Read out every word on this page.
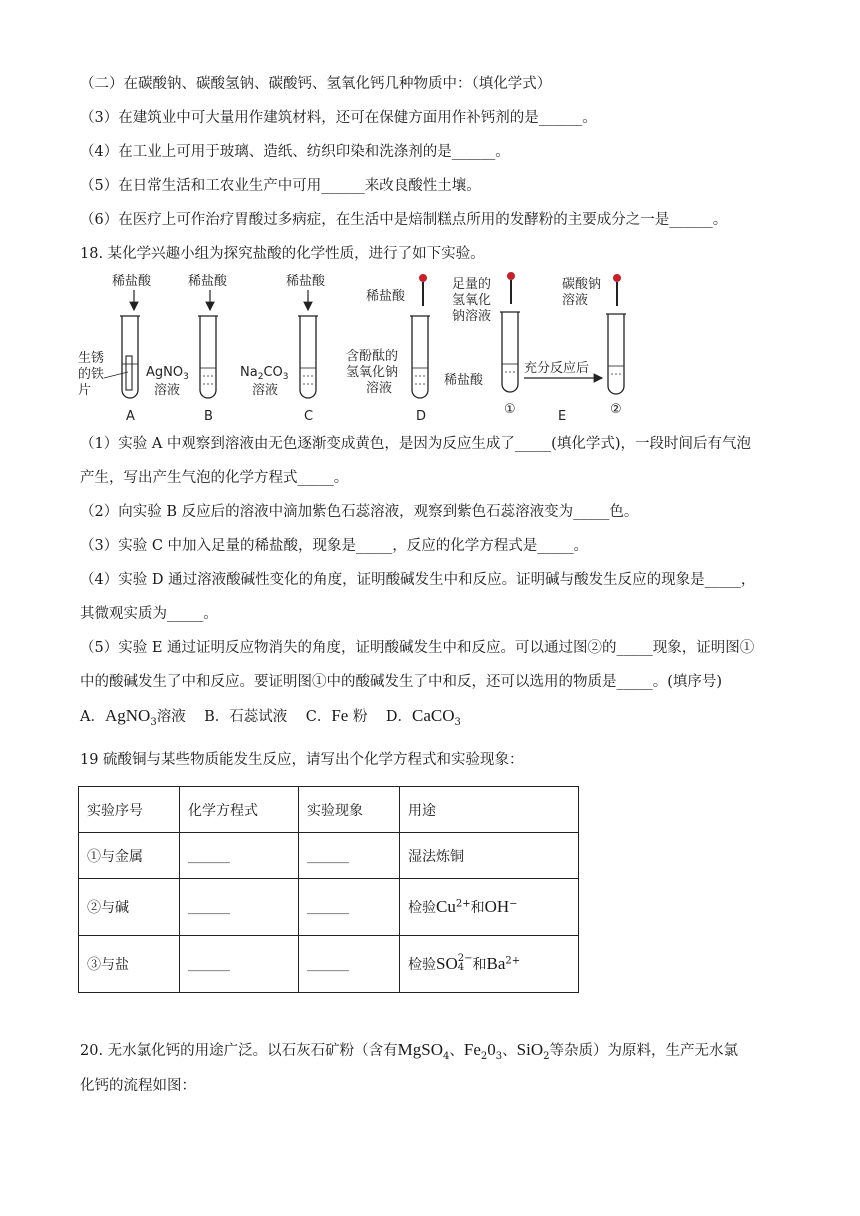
（二）在碳酸钠、碳酸氢钠、碳酸钙、氢氧化钙几种物质中：（填化学式）
（3）在建筑业中可大量用作建筑材料，还可在保健方面用作补钙剂的是______。
（4）在工业上可用于玻璃、造纸、纺织印染和洗涤剂的是______。
（5）在日常生活和工农业生产中可用______来改良酸性土壤。
（6）在医疗上可作治疗胃酸过多病症，在生活中是焙制糕点所用的发酵粉的主要成分之一是______。
18. 某化学兴趣小组为探究盐酸的化学性质，进行了如下实验。
稀盐酸
生锈
的铁
片
A
稀盐酸
AgNO$_3$
溶液
B
稀盐酸
$Na_2CO_3$
溶液
C
稀盐酸
含酚酞的
氢氧化钠
溶液
D
足量的
氢氧化
钠溶液
稀盐酸
①
充分反应后
E
碳酸钠
溶液
②
（1）实验 A 中观察到溶液由无色逐渐变成黄色，是因为反应生成了_____(填化学式)，一段时间后有气泡
产生，写出产生气泡的化学方程式_____。
（2）向实验 B 反应后的溶液中滴加紫色石蕊溶液，观察到紫色石蕊溶液变为_____色。
（3）实验 C 中加入足量的稀盐酸，现象是_____，反应的化学方程式是_____。
（4）实验 D 通过溶液酸碱性变化的角度，证明酸碱发生中和反应。证明碱与酸发生反应的现象是_____，
其微观实质为_____。
（5）实验 E 通过证明反应物消失的角度，证明酸碱发生中和反应。可以通过图②的_____现象，证明图①
中的酸碱发生了中和反应。要证明图①中的酸碱发生了中和反，还可以选用的物质是_____。(填序号)
A．AgNO$_3$溶液 B．石蕊试液 C．Fe 粉 D．CaCO$_3$
19 硫酸铜与某些物质能发生反应，请写出个化学方程式和实验现象：
实验序号	化学方程式	实验现象	用途
①与金属	______	______	湿法炼铜
②与碱	______	______	检验$Cu^{2+}$和OH−
③与盐	______	______	检验SO 2−
4 和$Ba^{2+}$
20. 无水氯化钙的用途广泛。以石灰石矿粉（含有MgSO$_4$、$Fe_20_3$、SiO$_2$等杂质）为原料，生产无水氯
化钙的流程如图：
